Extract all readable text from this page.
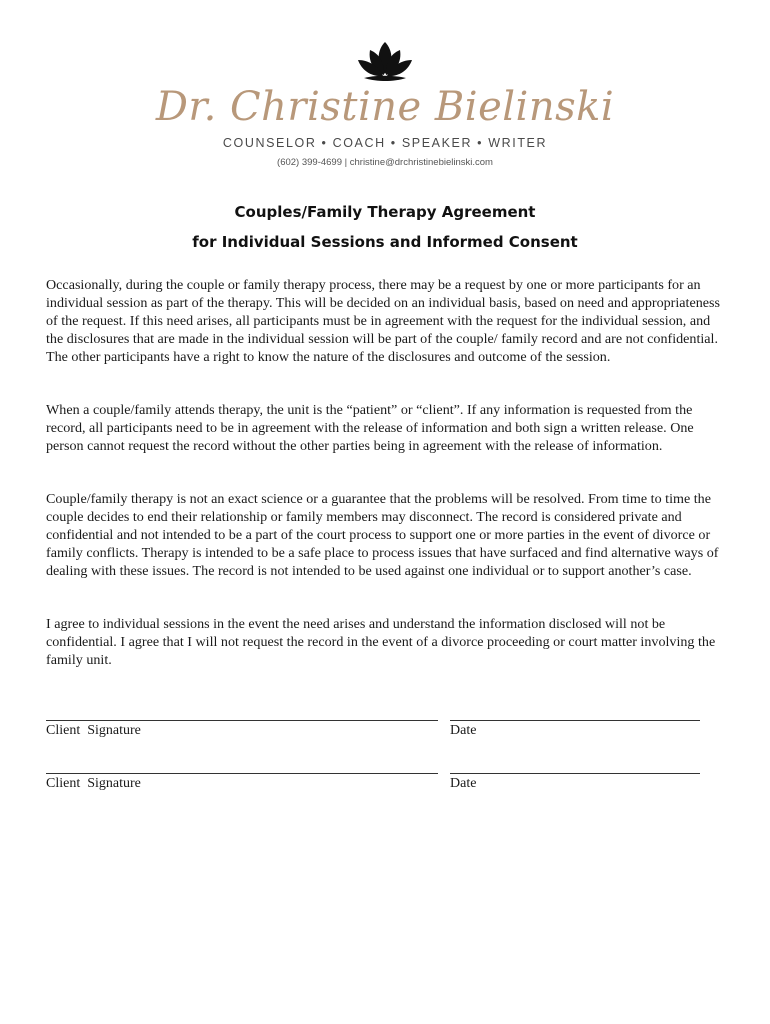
Dr. Christine Bielinski
COUNSELOR • COACH • SPEAKER • WRITER
(602) 399-4699 | christine@drchristinebielinski.com
Couples/Family Therapy Agreement
for Individual Sessions and Informed Consent

Occasionally, during the couple or family therapy process, there may be a request by one or more participants for an individual session as part of the therapy. This will be decided on an individual basis, based on need and appropriateness of the request. If this need arises, all participants must be in agreement with the request for the individual session, and the disclosures that are made in the individual session will be part of the couple/ family record and are not confidential. The other participants have a right to know the nature of the disclosures and outcome of the session.

When a couple/family attends therapy, the unit is the “patient” or “client”. If any information is requested from the record, all participants need to be in agreement with the release of information and both sign a written release. One person cannot request the record without the other parties being in agreement with the release of information.

Couple/family therapy is not an exact science or a guarantee that the problems will be resolved. From time to time the couple decides to end their relationship or family members may disconnect. The record is considered private and confidential and not intended to be a part of the court process to support one or more parties in the event of divorce or family conflicts. Therapy is intended to be a safe place to process issues that have surfaced and find alternative ways of dealing with these issues. The record is not intended to be used against one individual or to support another’s case.

I agree to individual sessions in the event the need arises and understand the information disclosed will not be confidential. I agree that I will not request the record in the event of a divorce proceeding or court matter involving the family unit.

Client  Signature	Date
Client  Signature	Date
